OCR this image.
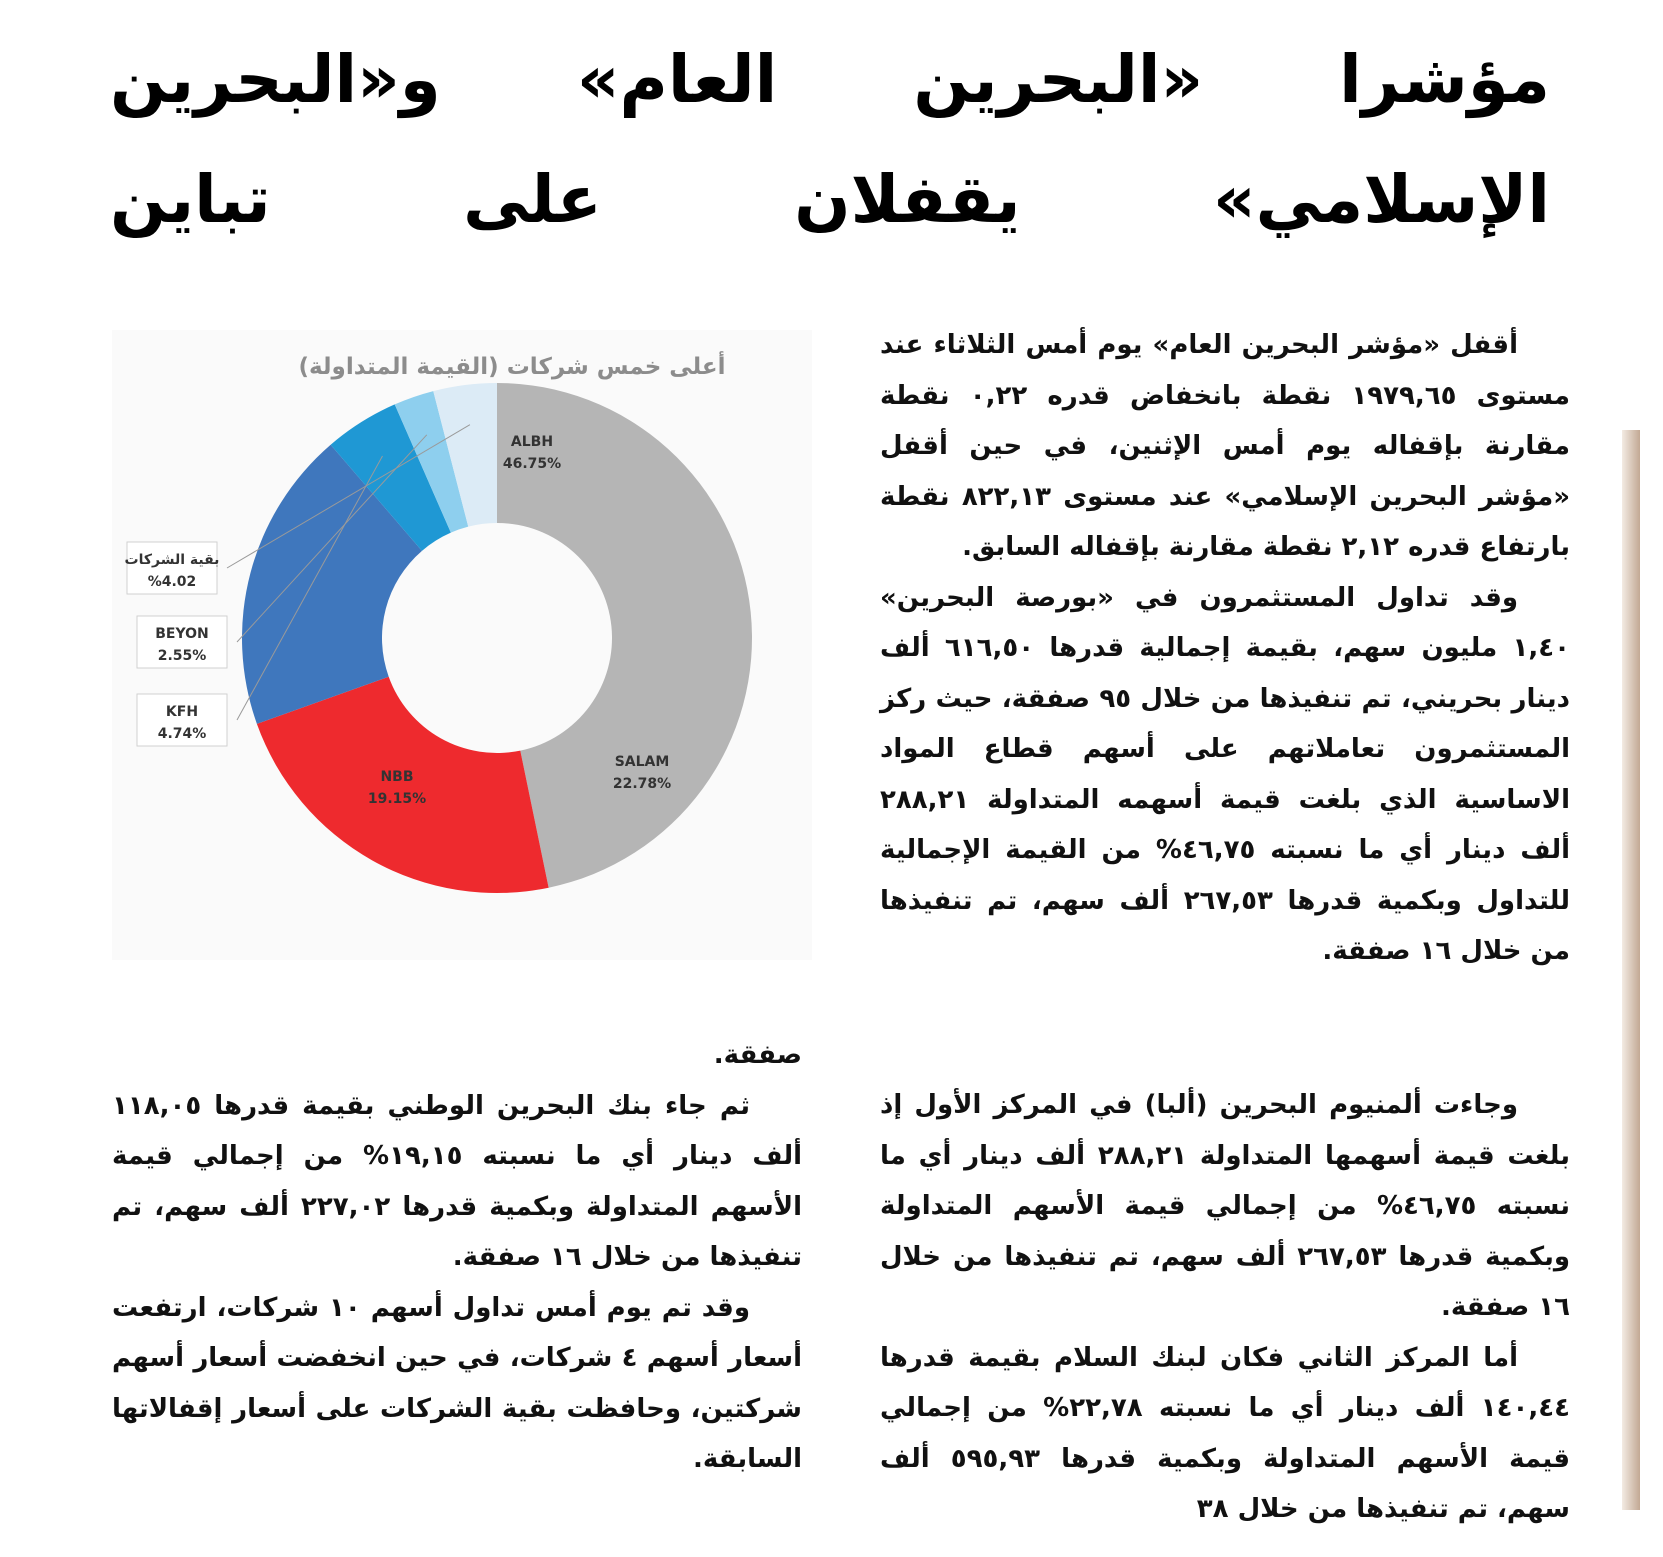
مؤشرا «البحرين العام» و«البحرين
الإسلامي» يقفلان على تباين
أعلى خمس شركات (القيمة المتداولة)
ALBH
46.75%
SALAM
22.78%
NBB
19.15%
KFH
4.74%
BEYON
2.55%
بقية الشركات
%4.02

أقفل «مؤشر البحرين العام» يوم أمس الثلاثاء عند مستوى ١٩٧٩,٦٥ نقطة بانخفاض قدره ٠,٢٢ نقطة مقارنة بإقفاله يوم أمس الإثنين، في حين أقفل «مؤشر البحرين الإسلامي» عند مستوى ٨٢٢,١٣ نقطة بارتفاع قدره ٢,١٢ نقطة مقارنة بإقفاله السابق.

وقد تداول المستثمرون في «بورصة البحرين» ١,٤٠ مليون سهم، بقيمة إجمالية قدرها ٦١٦,٥٠ ألف دينار بحريني، تم تنفيذها من خلال ٩٥ صفقة، حيث ركز المستثمرون تعاملاتهم على أسهم قطاع المواد الاساسية الذي بلغت قيمة أسهمه المتداولة ٢٨٨,٢١ ألف دينار أي ما نسبته ٤٦,٧٥% من القيمة الإجمالية للتداول وبكمية قدرها ٢٦٧,٥٣ ألف سهم، تم تنفيذها من خلال ١٦ صفقة.

وجاءت ألمنيوم البحرين (ألبا) في المركز الأول إذ بلغت قيمة أسهمها المتداولة ٢٨٨,٢١ ألف دينار أي ما نسبته ٤٦,٧٥% من إجمالي قيمة الأسهم المتداولة وبكمية قدرها ٢٦٧,٥٣ ألف سهم، تم تنفيذها من خلال ١٦ صفقة.

أما المركز الثاني فكان لبنك السلام بقيمة قدرها ١٤٠,٤٤ ألف دينار أي ما نسبته ٢٢,٧٨% من إجمالي قيمة الأسهم المتداولة وبكمية قدرها ٥٩٥,٩٣ ألف سهم، تم تنفيذها من خلال ٣٨

صفقة.

ثم جاء بنك البحرين الوطني بقيمة قدرها ١١٨,٠٥ ألف دينار أي ما نسبته ١٩,١٥% من إجمالي قيمة الأسهم المتداولة وبكمية قدرها ٢٢٧,٠٢ ألف سهم، تم تنفيذها من خلال ١٦ صفقة.

وقد تم يوم أمس تداول أسهم ١٠ شركات، ارتفعت أسعار أسهم ٤ شركات، في حين انخفضت أسعار أسهم شركتين، وحافظت بقية الشركات على أسعار إقفالاتها السابقة.
